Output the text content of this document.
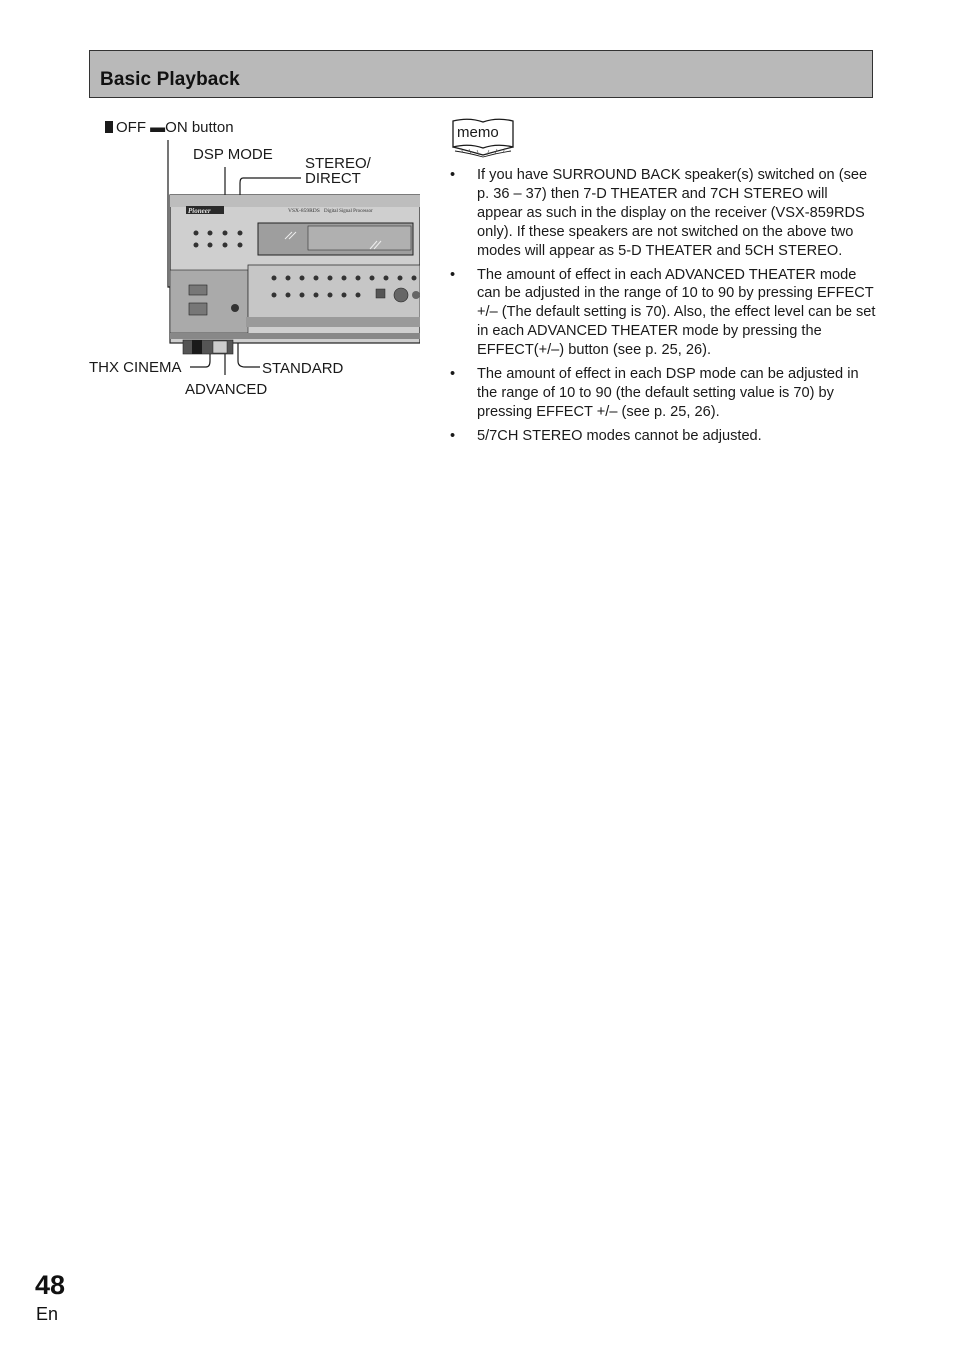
Basic Playback
OFF ▬ON button
DSP MODE
STEREO/
DIRECT
THX CINEMA
ADVANCED
STANDARD
Pioneer	VSX-859RDS Digital Signal Processor
memo
• If you have SURROUND BACK speaker(s) switched on (see p. 36 – 37) then 7-D THEATER and 7CH STEREO will appear as such in the display on the receiver (VSX-859RDS only). If these speakers are not switched on the above two modes will appear as 5-D THEATER and 5CH STEREO.
• The amount of effect in each ADVANCED THEATER mode can be adjusted in the range of 10 to 90 by pressing EFFECT +/– (The default setting is 70). Also, the effect level can be set in each ADVANCED THEATER mode by pressing the EFFECT(+/–) button (see p. 25, 26).
• The amount of effect in each DSP mode can be adjusted in the range of 10 to 90 (the default setting value is 70) by pressing EFFECT +/– (see p. 25, 26).
• 5/7CH STEREO modes cannot be adjusted.
48
En
